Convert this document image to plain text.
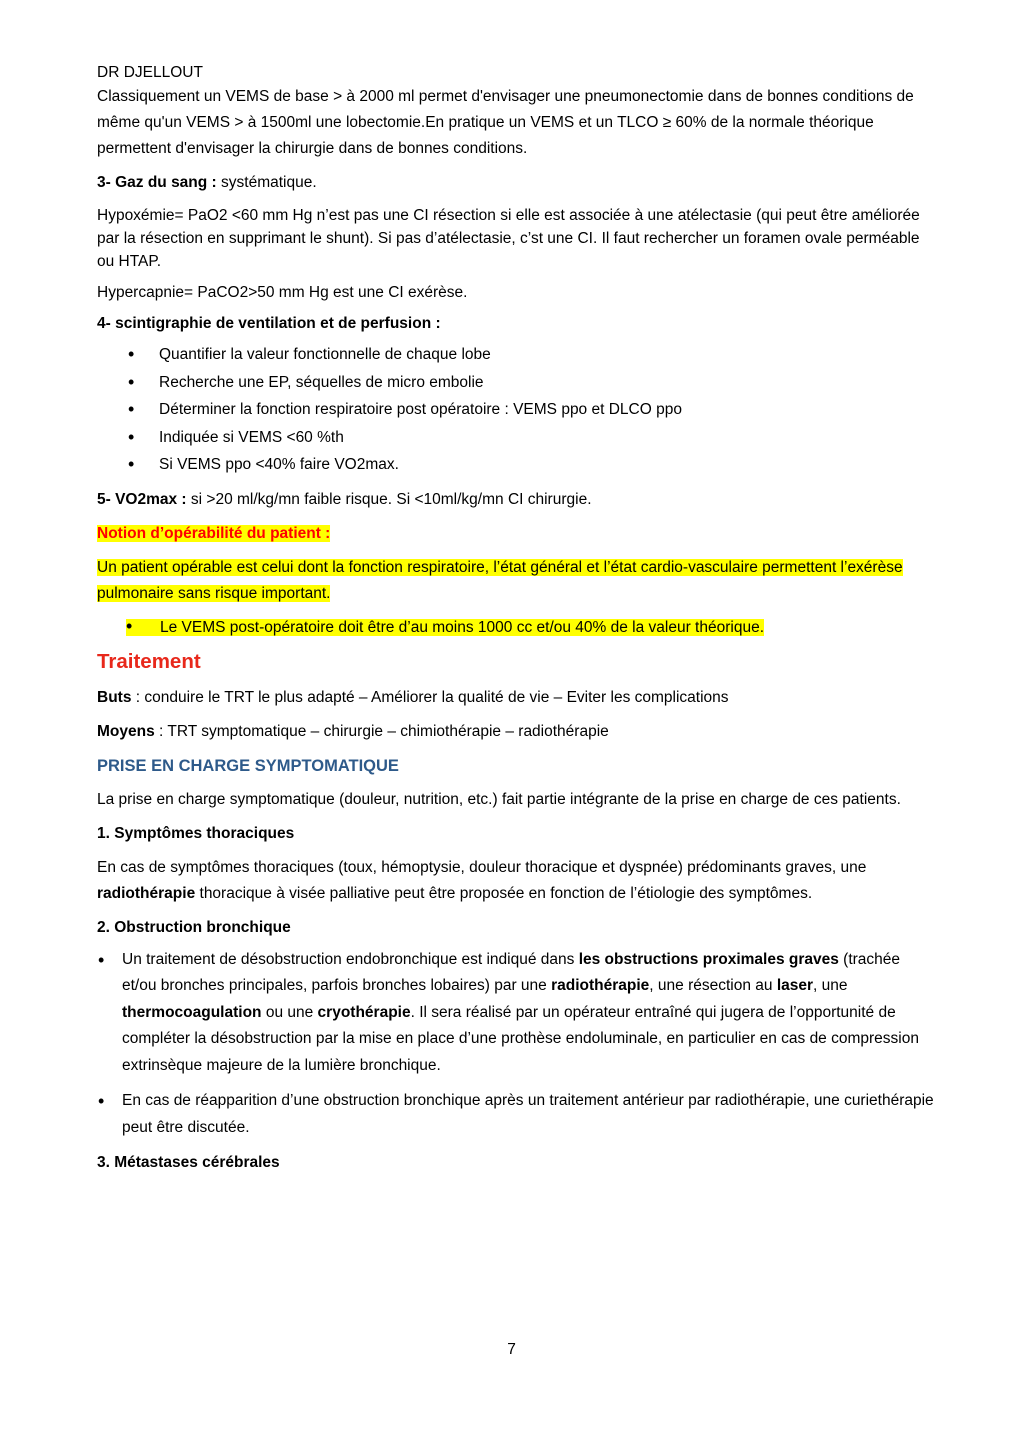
DR DJELLOUT

Classiquement un VEMS de base > à 2000 ml permet d'envisager une pneumonectomie dans de bonnes conditions de même qu'un VEMS > à 1500ml une lobectomie.En pratique un VEMS et un TLCO ≥ 60% de la normale théorique permettent d'envisager la chirurgie dans de bonnes conditions.

3- Gaz du sang : systématique.

Hypoxémie= PaO2 <60 mm Hg n’est pas une CI résection si elle est associée à une atélectasie (qui peut être améliorée par la résection en supprimant le shunt). Si pas d’atélectasie, c’st une CI. Il faut rechercher un foramen ovale perméable ou HTAP.

Hypercapnie= PaCO2>50 mm Hg est une CI exérèse.

4- scintigraphie de ventilation et de perfusion :

• Quantifier la valeur fonctionnelle de chaque lobe
• Recherche une EP, séquelles de micro embolie
• Déterminer la fonction respiratoire post opératoire : VEMS ppo et DLCO ppo
• Indiquée si VEMS <60 %th
• Si VEMS ppo <40% faire VO2max.

5- VO2max : si >20 ml/kg/mn faible risque. Si <10ml/kg/mn CI chirurgie.

Notion d’opérabilité du patient :

Un patient opérable est celui dont la fonction respiratoire, l’état général et l’état cardio-vasculaire permettent l’exérèse pulmonaire sans risque important.

• Le VEMS post-opératoire doit être d’au moins 1000 cc et/ou 40% de la valeur théorique.

Traitement

Buts : conduire le TRT le plus adapté – Améliorer la qualité de vie – Eviter les complications

Moyens : TRT symptomatique – chirurgie – chimiothérapie – radiothérapie

PRISE EN CHARGE SYMPTOMATIQUE

La prise en charge symptomatique (douleur, nutrition, etc.) fait partie intégrante de la prise en charge de ces patients.

1. Symptômes thoraciques

En cas de symptômes thoraciques (toux, hémoptysie, douleur thoracique et dyspnée) prédominants graves, une radiothérapie thoracique à visée palliative peut être proposée en fonction de l’étiologie des symptômes.

2. Obstruction bronchique

• Un traitement de désobstruction endobronchique est indiqué dans les obstructions proximales graves (trachée et/ou bronches principales, parfois bronches lobaires) par une radiothérapie, une résection au laser, une thermocoagulation ou une cryothérapie. Il sera réalisé par un opérateur entraîné qui jugera de l’opportunité de compléter la désobstruction par la mise en place d’une prothèse endoluminale, en particulier en cas de compression extrinsèque majeure de la lumière bronchique.
• En cas de réapparition d’une obstruction bronchique après un traitement antérieur par radiothérapie, une curiethérapie peut être discutée.

3. Métastases cérébrales

7
